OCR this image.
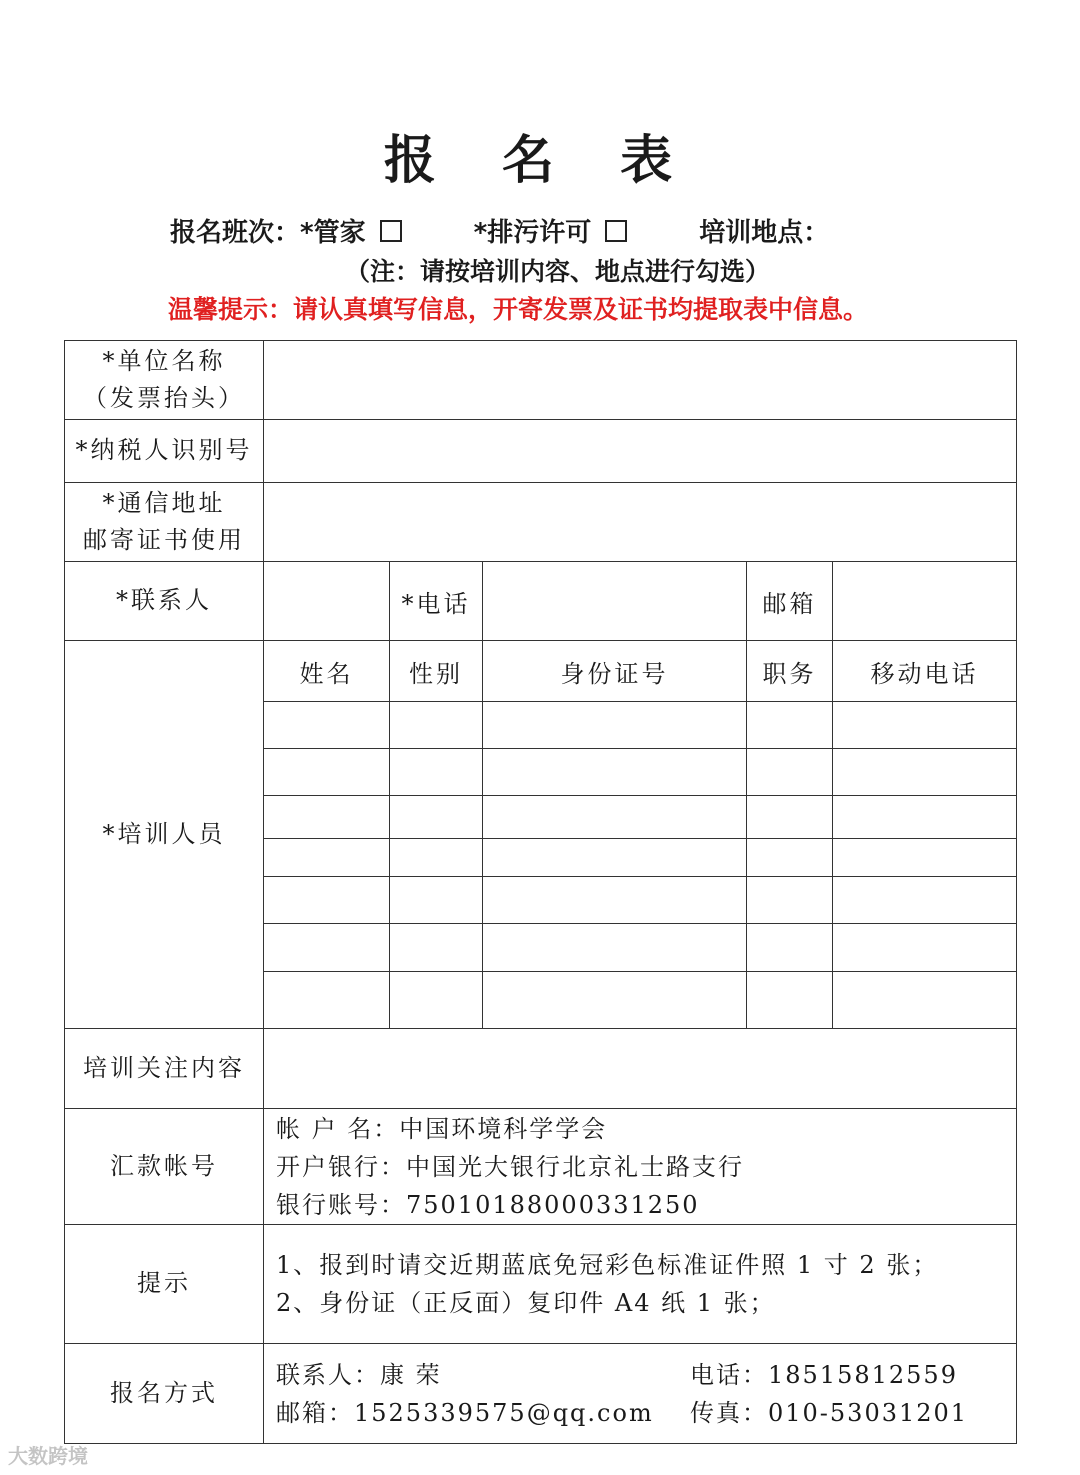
报 名 表
报名班次：*管家	*排污许可	培训地点：
（注：请按培训内容、地点进行勾选）
温馨提示：请认真填写信息，开寄发票及证书均提取表中信息。
*单位名称
（发票抬头）					

*纳税人识别号					

*通信地址
邮寄证书使用					

*联系人		*电话		邮箱	
*培训人员	姓名	性别	身份证号	职务	移动电话

培训关注内容					
汇款帐号	帐 户 名：中国环境科学学会
开户银行：中国光大银行北京礼士路支行
银行账号：75010188000331250				

提示	1、报到时请交近期蓝底免冠彩色标准证件照 1 寸 2 张；
2、身份证（正反面）复印件 A4 纸 1 张；				

报名方式	联系人：康 荣 电话：18515812559
邮箱：1525339575@qq.com 传真：010-53031201				
大数跨境
